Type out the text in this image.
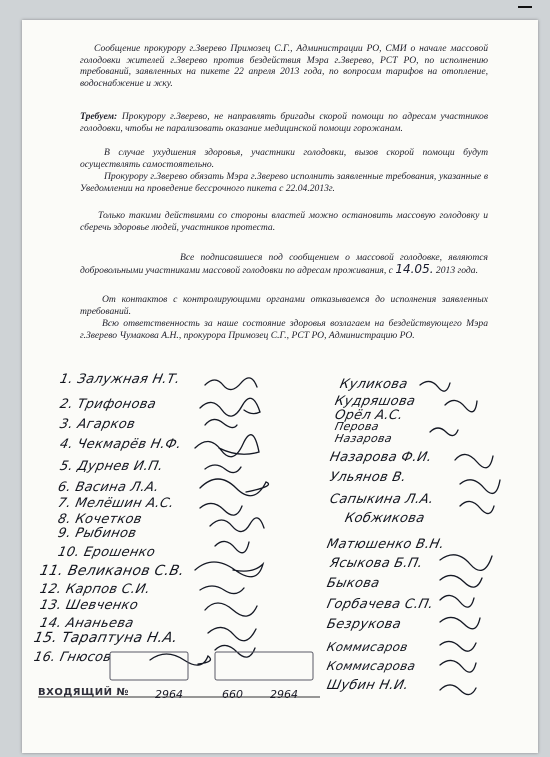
Сообщение прокурору г.Зверево Примозец С.Г., Администрации РО, СМИ о начале массовой голодовки жителей г.Зверево против бездействия Мэра г.Зверево, РСТ РО, по исполнению требований, заявленных на пикете 22 апреля 2013 года, по вопросам тарифов на отопление, водоснабжение и жку.
Требуем: Прокурору г.Зверево, не направлять бригады скорой помощи по адресам участников голодовки, чтобы не парализовать оказание медицинской помощи горожанам.
В случае ухудшения здоровья, участники голодовки, вызов скорой помощи будут осуществлять самостоятельно.
Прокурору г.Зверево обязать Мэра г.Зверево исполнить заявленные требования, указанные в Уведомлении на проведение бессрочного пикета с 22.04.2013г.
Только такими действиями со стороны властей можно остановить массовую голодовку и сберечь здоровье людей, участников протеста.
Все подписавшиеся под сообщением о массовой голодовке, являются добровольными участниками массовой голодовки по адресам проживания, с 14.05. 2013 года.
От контактов с контролирующими органами отказываемся до исполнения заявленных требований.
Всю ответственность за наше состояние здоровья возлагаем на бездействующего Мэра г.Зверево Чумакова А.Н., прокурора Примозец С.Г., РСТ РО, Администрацию РО.
1. Залужная Н.Т.
2. Трифонова
3. Агарков
4. Чекмарёв Н.Ф.
5. Дурнев И.П.
6. Васина Л.А.
7. Мелёшин А.С.
8. Кочетков
9. Рыбинов
10. Ерошенко
11. Великанов С.В.
12. Карпов С.И.
13. Шевченко
14. Ананьева
15. Тараптуна Н.А.
16. Гнюсов
Куликова
Кудряшова
Орёл А.С.
Перова
Назарова
Назарова Ф.И.
Ульянов В.
Сапыкина Л.А.
Кобжикова
Матюшенко В.Н.
Ясыкова Б.П.
Быкова
Горбачева С.П.
Безрукова
Коммисаров
Коммисарова
Шубин Н.И.
ВХОДЯЩИЙ № 2964	660 2964
